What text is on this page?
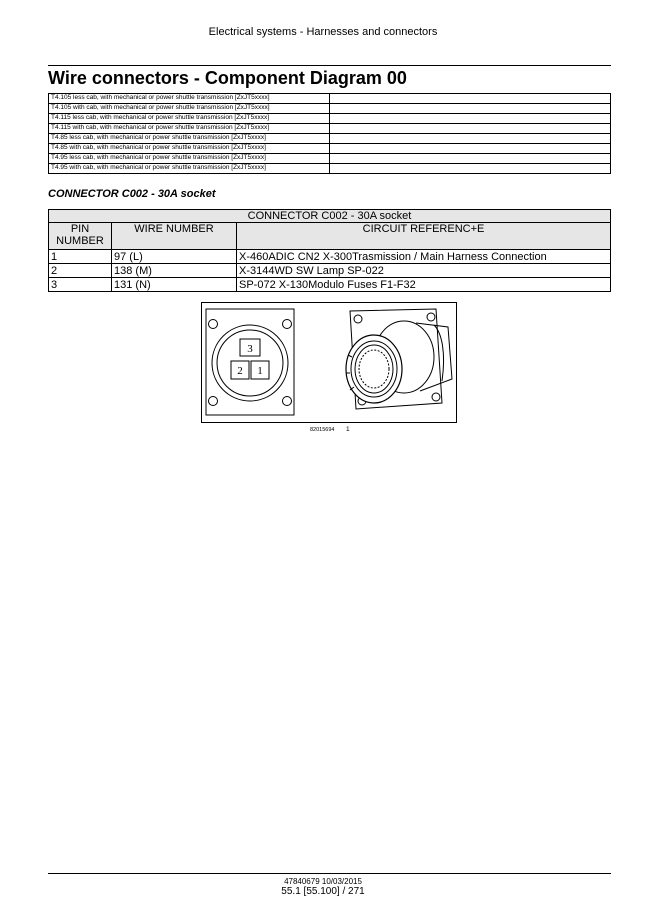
Electrical systems - Harnesses and connectors
Wire connectors - Component Diagram 00
T4.105 less cab, with mechanical or power shuttle transmission [ZxJT5xxxx]	
T4.105 with cab, with mechanical or power shuttle transmission [ZxJT5xxxx]	
T4.115 less cab, with mechanical or power shuttle transmission [ZxJT5xxxx]	
T4.115 with cab, with mechanical or power shuttle transmission [ZxJT5xxxx]	
T4.85 less cab, with mechanical or power shuttle transmission [ZxJT5xxxx]	
T4.85 with cab, with mechanical or power shuttle transmission [ZxJT5xxxx]	
T4.95 less cab, with mechanical or power shuttle transmission [ZxJT5xxxx]	
T4.95 with cab, with mechanical or power shuttle transmission [ZxJT5xxxx]	
CONNECTOR C002 - 30A socket
CONNECTOR C002 - 30A socket		
PIN NUMBER	WIRE NUMBER	CIRCUIT REFERENC+E
1	97 (L)	X-460ADIC CN2 X-300Trasmission / Main Harness Connection
2	138 (M)	X-3144WD SW Lamp SP-022
3	131 (N)	SP-072 X-130Modulo Fuses F1-F32
3
2 1
82015694 1
47840679 10/03/2015
55.1 [55.100] / 271
